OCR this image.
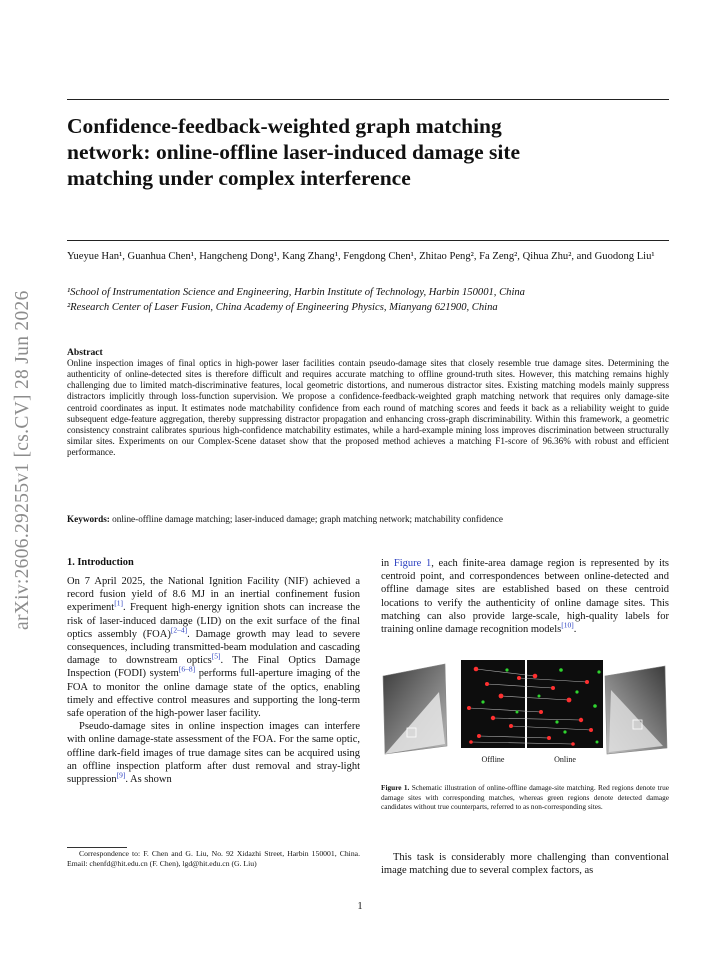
arXiv:2606.29255v1 [cs.CV] 28 Jun 2026
Confidence-feedback-weighted graph matching
network: online-offline laser-induced damage site
matching under complex interference
Yueyue Han¹, Guanhua Chen¹, Hangcheng Dong¹, Kang Zhang¹, Fengdong Chen¹, Zhitao Peng², Fa Zeng², Qihua Zhu², and Guodong Liu¹
¹School of Instrumentation Science and Engineering, Harbin Institute of Technology, Harbin 150001, China
²Research Center of Laser Fusion, China Academy of Engineering Physics, Mianyang 621900, China
Abstract
Online inspection images of final optics in high-power laser facilities contain pseudo-damage sites that closely resemble true damage sites. Determining the authenticity of online-detected sites is therefore difficult and requires accurate matching to offline ground-truth sites. However, this matching remains highly challenging due to limited match-discriminative features, local geometric distortions, and numerous distractor sites. Existing matching models mainly suppress distractors implicitly through loss-function supervision. We propose a confidence-feedback-weighted graph matching network that requires only damage-site centroid coordinates as input. It estimates node matchability confidence from each round of matching scores and feeds it back as a reliability weight to guide subsequent edge-feature aggregation, thereby suppressing distractor propagation and enhancing cross-graph discriminability. Within this framework, a geometric consistency constraint calibrates spurious high-confidence matchability estimates, while a hard-example mining loss improves discrimination between structurally similar sites. Experiments on our Complex-Scene dataset show that the proposed method achieves a matching F1-score of 96.36% with robust and efficient performance.
Keywords: online-offline damage matching; laser-induced damage; graph matching network; matchability confidence
1. Introduction

On 7 April 2025, the National Ignition Facility (NIF) achieved a record fusion yield of 8.6 MJ in an inertial confinement fusion experiment[1]. Frequent high-energy ignition shots can increase the risk of laser-induced damage (LID) on the exit surface of the final optics assembly (FOA)[2–4]. Damage growth may lead to severe consequences, including transmitted-beam modulation and cascading damage to downstream optics[5]. The Final Optics Damage Inspection (FODI) system[6–8] performs full-aperture imaging of the FOA to monitor the online damage state of the optics, enabling timely and effective control measures and supporting the long-term safe operation of the high-power laser facility.

Pseudo-damage sites in online inspection images can interfere with online damage-state assessment of the FOA. For the same optic, offline dark-field images of true damage sites can be acquired using an offline inspection platform after dust removal and stray-light suppression[9]. As shown

Correspondence to: F. Chen and G. Liu, No. 92 Xidazhi Street, Harbin 150001, China. Email: chenfd@hit.edu.cn (F. Chen), lgd@hit.edu.cn (G. Liu)

in Figure 1, each finite-area damage region is represented by its centroid point, and correspondences between online-detected and offline damage sites are established based on these centroid locations to verify the authenticity of online damage sites. This matching can also provide large-scale, high-quality labels for training online damage recognition models[10].

Offline	Online
Figure 1. Schematic illustration of online-offline damage-site matching. Red regions denote true damage sites with corresponding matches, whereas green regions denote detected damage candidates without true counterparts, referred to as non-corresponding sites.

This task is considerably more challenging than conventional image matching due to several complex factors, as

1
